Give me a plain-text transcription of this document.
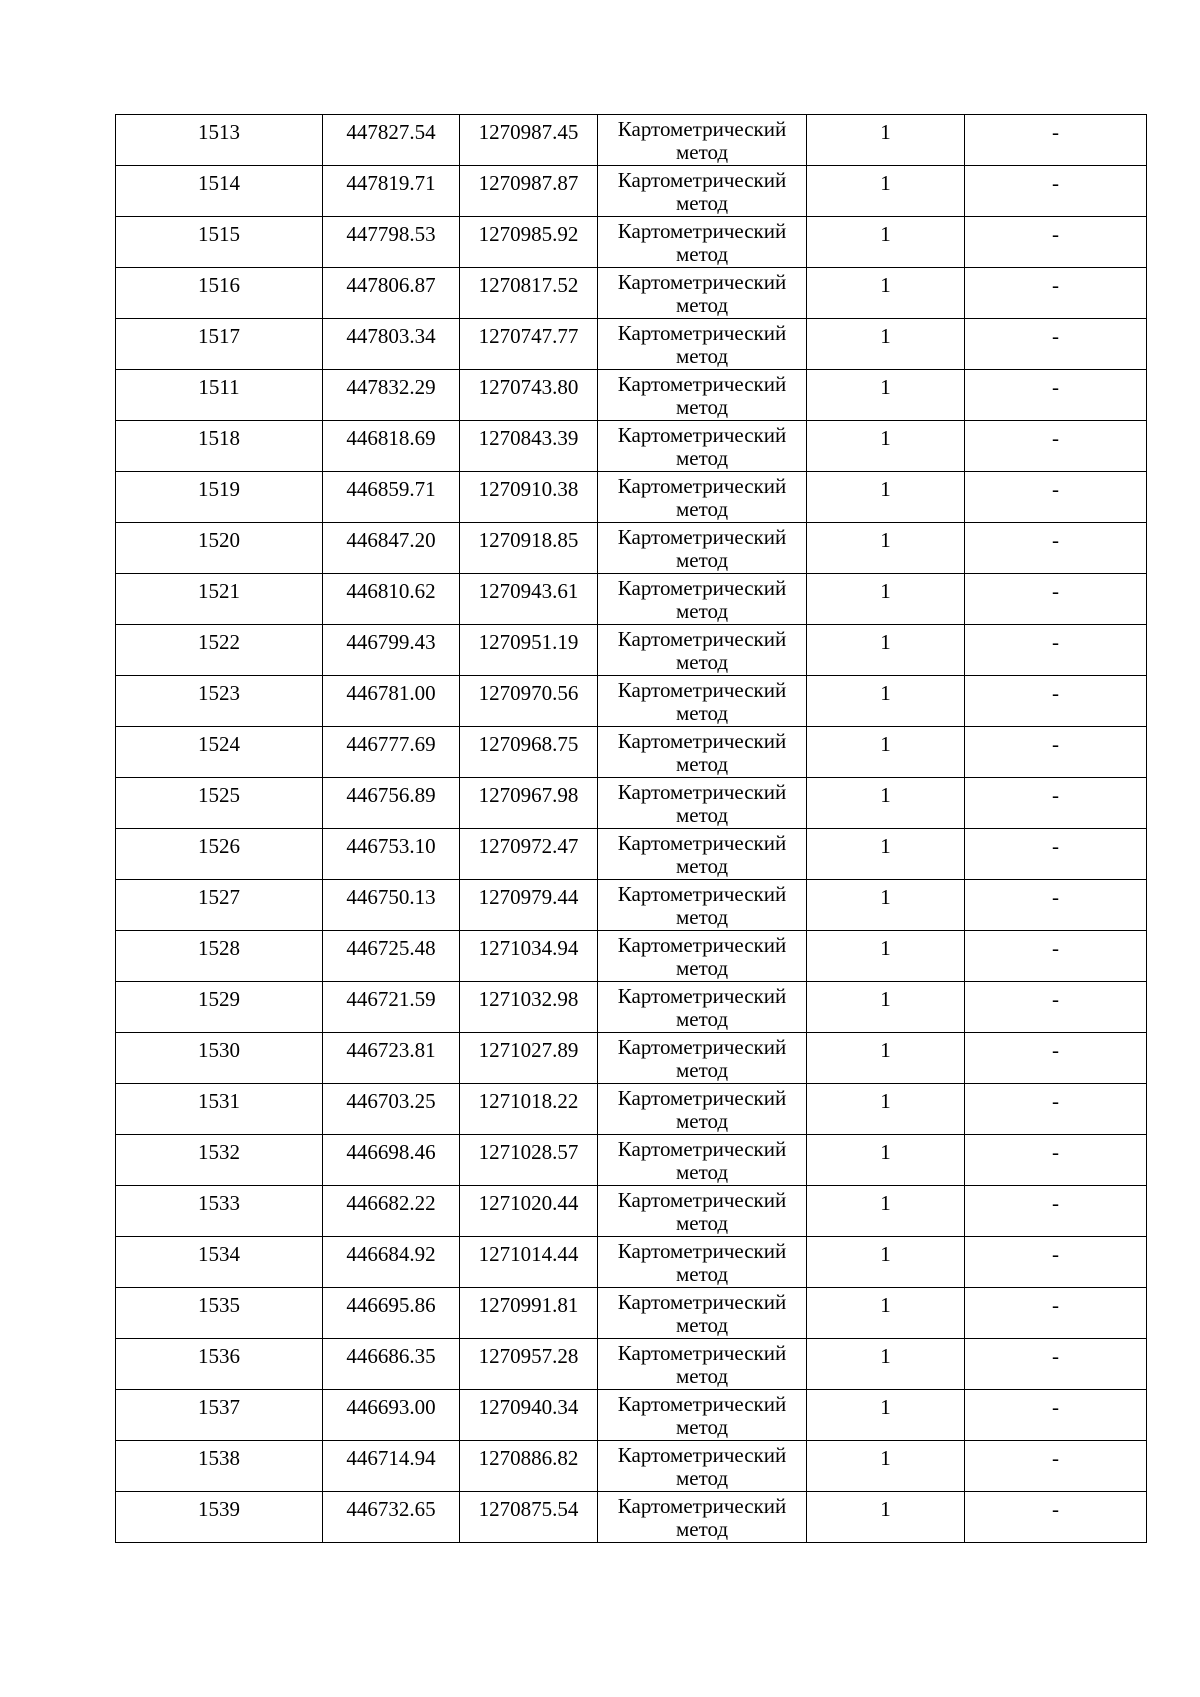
1513	447827.54	1270987.45	Картометрический метод	1	-

1514	447819.71	1270987.87	Картометрический метод	1	-

1515	447798.53	1270985.92	Картометрический метод	1	-

1516	447806.87	1270817.52	Картометрический метод	1	-

1517	447803.34	1270747.77	Картометрический метод	1	-

1511	447832.29	1270743.80	Картометрический метод	1	-

1518	446818.69	1270843.39	Картометрический метод	1	-

1519	446859.71	1270910.38	Картометрический метод	1	-

1520	446847.20	1270918.85	Картометрический метод	1	-

1521	446810.62	1270943.61	Картометрический метод	1	-

1522	446799.43	1270951.19	Картометрический метод	1	-

1523	446781.00	1270970.56	Картометрический метод	1	-

1524	446777.69	1270968.75	Картометрический метод	1	-

1525	446756.89	1270967.98	Картометрический метод	1	-

1526	446753.10	1270972.47	Картометрический метод	1	-

1527	446750.13	1270979.44	Картометрический метод	1	-

1528	446725.48	1271034.94	Картометрический метод	1	-

1529	446721.59	1271032.98	Картометрический метод	1	-

1530	446723.81	1271027.89	Картометрический метод	1	-

1531	446703.25	1271018.22	Картометрический метод	1	-

1532	446698.46	1271028.57	Картометрический метод	1	-

1533	446682.22	1271020.44	Картометрический метод	1	-

1534	446684.92	1271014.44	Картометрический метод	1	-

1535	446695.86	1270991.81	Картометрический метод	1	-

1536	446686.35	1270957.28	Картометрический метод	1	-

1537	446693.00	1270940.34	Картометрический метод	1	-

1538	446714.94	1270886.82	Картометрический метод	1	-

1539	446732.65	1270875.54	Картометрический метод	1	-
